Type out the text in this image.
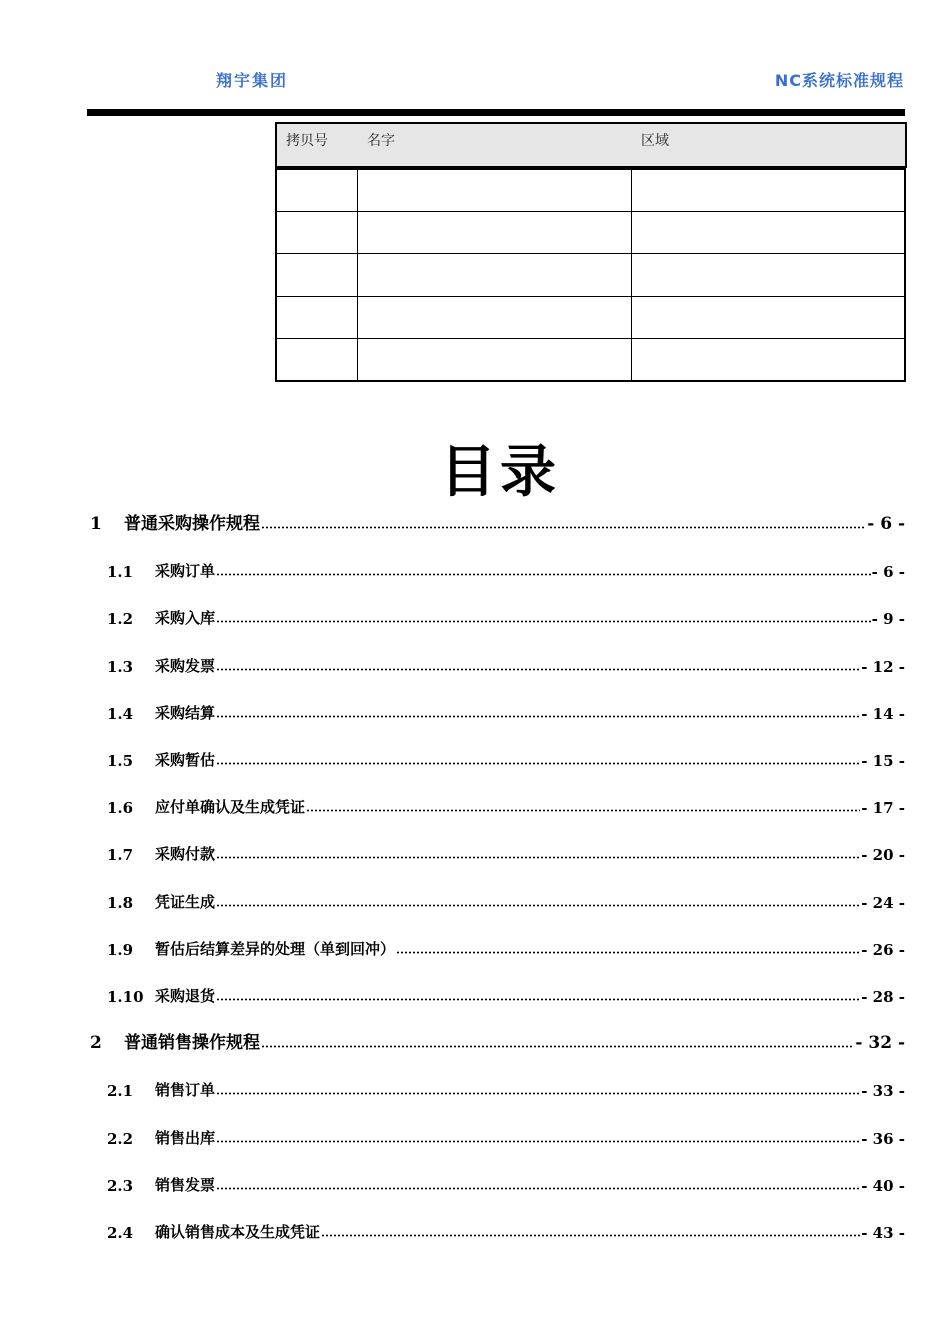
翔宇集团	NC系统标准规程
拷贝号	名字	区域

目录
1	普通采购操作规程	- 6 -
1.1	采购订单	- 6 -
1.2	采购入库	- 9 -
1.3	采购发票	- 12 -
1.4	采购结算	- 14 -
1.5	采购暂估	- 15 -
1.6	应付单确认及生成凭证	- 17 -
1.7	采购付款	- 20 -
1.8	凭证生成	- 24 -
1.9	暂估后结算差异的处理（单到回冲）	- 26 -
1.10 采购退货	- 28 -
2	普通销售操作规程	- 32 -
2.1	销售订单	- 33 -
2.2	销售出库	- 36 -
2.3	销售发票	- 40 -
2.4	确认销售成本及生成凭证	- 43 -
